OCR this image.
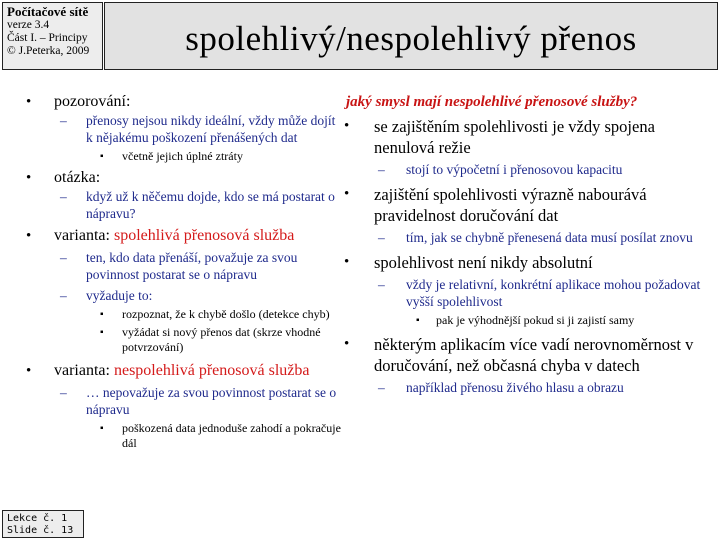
Počítačové sítě
verze 3.4
Část I. – Principy
© J.Peterka, 2009	spolehlivý/nespolehlivý přenos
• pozorování:
– přenosy nejsou nikdy ideální, vždy může dojít k nějakému poškození přenášených dat
▪ včetně jejich úplné ztráty
• otázka:
– když už k něčemu dojde, kdo se má postarat o nápravu?
• varianta: spolehlivá přenosová služba
– ten, kdo data přenáší, považuje za svou povinnost postarat se o nápravu
– vyžaduje to:
▪ rozpoznat, že k chybě došlo (detekce chyb)
▪ vyžádat si nový přenos dat (skrze vhodné potvrzování)
• varianta: nespolehlivá přenosová služba
– … nepovažuje za svou povinnost postarat se o nápravu
▪ poškozená data jednoduše zahodí a pokračuje dál
jaký smysl mají nespolehlivé přenosové služby?
• se zajištěním spolehlivosti je vždy spojena nenulová režie
– stojí to výpočetní i přenosovou kapacitu
• zajištění spolehlivosti výrazně nabourává pravidelnost doručování dat
– tím, jak se chybně přenesená data musí posílat znovu
• spolehlivost není nikdy absolutní
– vždy je relativní, konkrétní aplikace mohou požadovat vyšší spolehlivost
▪ pak je výhodnější pokud si ji zajistí samy
• některým aplikacím více vadí nerovnoměrnost v doručování, než občasná chyba v datech
– například přenosu živého hlasu a obrazu
Lekce č. 1
Slide č. 13
